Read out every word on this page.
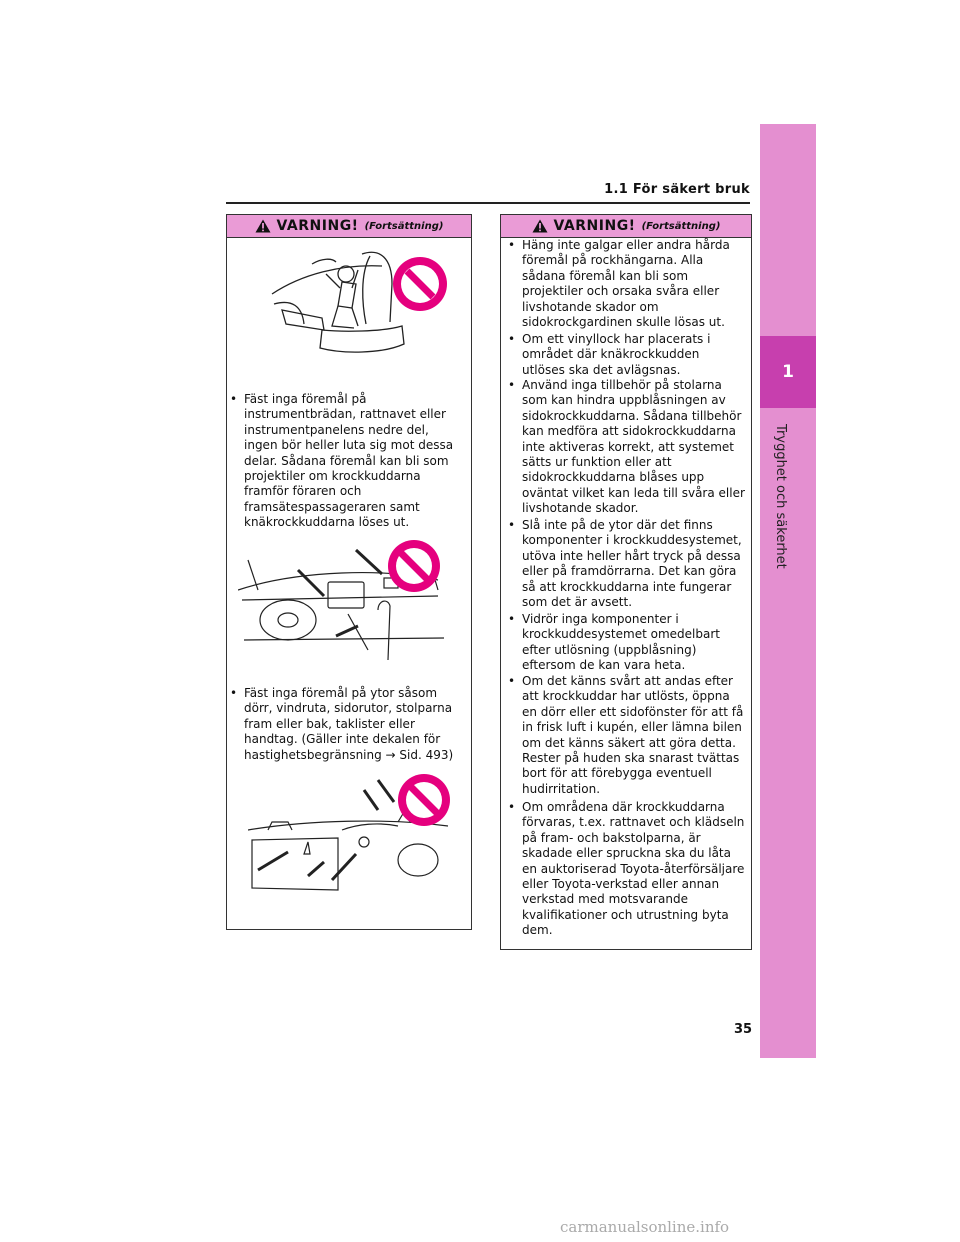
1.1 För säkert bruk
1
Trygghet och säkerhet
VARNING! (Fortsättning)
• Fäst inga föremål på instrumentbrädan, rattnavet eller instrumentpanelens nedre del, ingen bör heller luta sig mot dessa delar. Sådana föremål kan bli som projektiler om krockkuddarna framför föraren och framsätespassageraren samt knäkrockkuddarna löses ut.
• Fäst inga föremål på ytor såsom dörr, vindruta, sidorutor, stolparna fram eller bak, taklister eller handtag. (Gäller inte dekalen för hastighetsbegränsning → Sid. 493)
VARNING! (Fortsättning)
• Häng inte galgar eller andra hårda föremål på rockhängarna. Alla sådana föremål kan bli som projektiler och orsaka svåra eller livshotande skador om sidokrockgardinen skulle lösas ut.
• Om ett vinyllock har placerats i området där knäkrockkudden utlöses ska det avlägsnas.
• Använd inga tillbehör på stolarna som kan hindra uppblåsningen av sidokrockkuddarna. Sådana tillbehör kan medföra att sidokrockkuddarna inte aktiveras korrekt, att systemet sätts ur funktion eller att sidokrockkuddarna blåses upp oväntat vilket kan leda till svåra eller livshotande skador.
• Slå inte på de ytor där det finns komponenter i krockkuddesystemet, utöva inte heller hårt tryck på dessa eller på framdörrarna. Det kan göra så att krockkuddarna inte fungerar som det är avsett.
• Vidrör inga komponenter i krockkuddesystemet omedelbart efter utlösning (uppblåsning) eftersom de kan vara heta.
• Om det känns svårt att andas efter att krockkuddar har utlösts, öppna en dörr eller ett sidofönster för att få in frisk luft i kupén, eller lämna bilen om det känns säkert att göra detta. Rester på huden ska snarast tvättas bort för att förebygga eventuell hudirritation.
• Om områdena där krockkuddarna förvaras, t.ex. rattnavet och klädseln på fram- och bakstolparna, är skadade eller spruckna ska du låta en auktoriserad Toyota-återförsäljare eller Toyota-verkstad eller annan verkstad med motsvarande kvalifikationer och utrustning byta dem.
35
carmanualsonline.info
